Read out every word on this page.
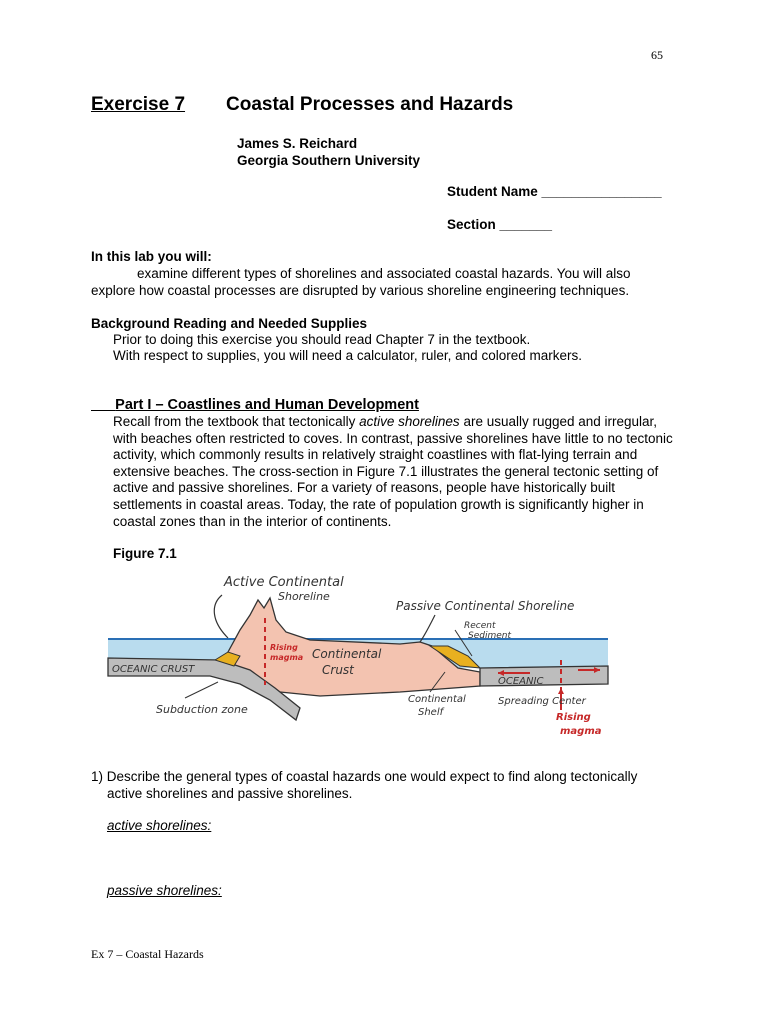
65
Exercise 7 Coastal Processes and Hazards
James S. Reichard
Georgia Southern University
Student Name ________________
Section _______
In this lab you will:
examine different types of shorelines and associated coastal hazards. You will also
explore how coastal processes are disrupted by various shoreline engineering techniques.
Background Reading and Needed Supplies
Prior to doing this exercise you should read Chapter 7 in the textbook.
With respect to supplies, you will need a calculator, ruler, and colored markers.
Part I – Coastlines and Human Development
Recall from the textbook that tectonically active shorelines are usually rugged and irregular,
with beaches often restricted to coves. In contrast, passive shorelines have little to no tectonic
activity, which commonly results in relatively straight coastlines with flat-lying terrain and
extensive beaches. The cross-section in Figure 7.1 illustrates the general tectonic setting of
active and passive shorelines. For a variety of reasons, people have historically built
settlements in coastal areas. Today, the rate of population growth is significantly higher in
coastal zones than in the interior of continents.
Figure 7.1
Active Continental
Shoreline
Passive Continental Shoreline
Recent
Sediment
Rising
magma Continental
Crust
OCEANIC CRUST
OCEANIC
Subduction zone
Continental
Shelf
Spreading Center
Rising
magma
1) Describe the general types of coastal hazards one would expect to find along tectonically
active shorelines and passive shorelines.
active shorelines:
passive shorelines:
Ex 7 – Coastal Hazards
